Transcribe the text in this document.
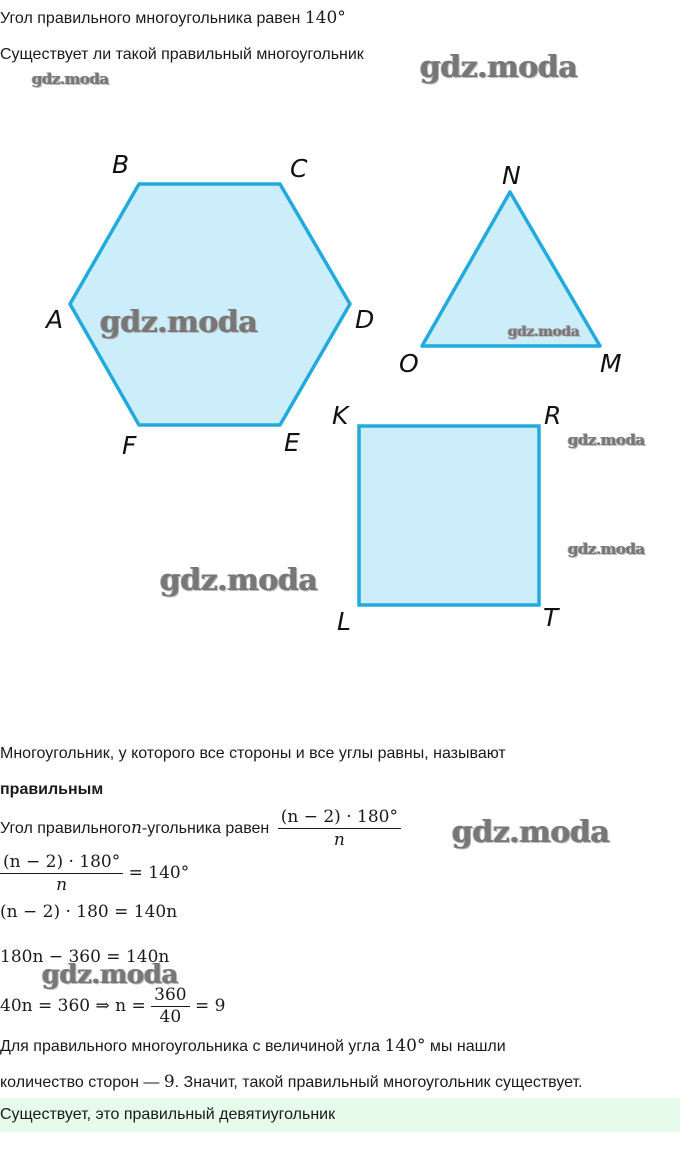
Угол правильного многоугольника равен 140°
Существует ли такой правильный многоугольник
gdz.moda	gdz.moda
B	C
D
E
F
A
N
M
O
K	R
T
L
gdz.moda	gdz.moda
gdz.moda
gdz.moda
gdz.moda
Многоугольник, у которого все стороны и все углы равны, называют
правильным
Угол правильногоn-угольника равен $\frac{(n - 2) \cdot 180^\circ}{n}$ gdz.moda
$\frac{(n - 2) \cdot 180^\circ}{n} = 140^\circ$
(n − 2) · 180 = 140n
180n − 360 = 140n
gdz.moda
40n = 360 ⇒ $n = \frac{360}{40} = 9$
Для правильного многоугольника с величиной угла 140° мы нашли
количество сторон — 9. Значит, такой правильный многоугольник существует.
Существует, это правильный девятиугольник
